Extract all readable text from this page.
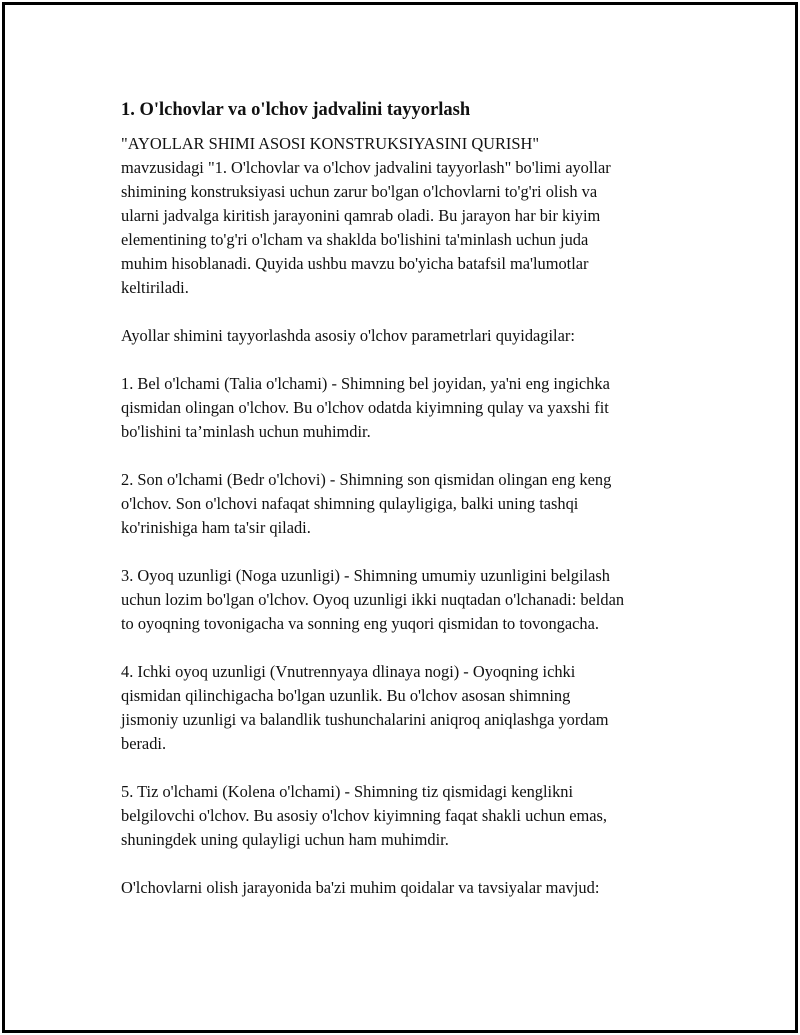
1. O'lchovlar va o'lchov jadvalini tayyorlash

"AYOLLAR SHIMI ASOSI KONSTRUKSIYASINI QURISH"
mavzusidagi "1. O'lchovlar va o'lchov jadvalini tayyorlash" bo'limi ayollar
shimining konstruksiyasi uchun zarur bo'lgan o'lchovlarni to'g'ri olish va
ularni jadvalga kiritish jarayonini qamrab oladi. Bu jarayon har bir kiyim
elementining to'g'ri o'lcham va shaklda bo'lishini ta'minlash uchun juda
muhim hisoblanadi. Quyida ushbu mavzu bo'yicha batafsil ma'lumotlar
keltiriladi.

Ayollar shimini tayyorlashda asosiy o'lchov parametrlari quyidagilar:

1. Bel o'lchami (Talia o'lchami) - Shimning bel joyidan, ya'ni eng ingichka
qismidan olingan o'lchov. Bu o'lchov odatda kiyimning qulay va yaxshi fit
bo'lishini ta’minlash uchun muhimdir.

2. Son o'lchami (Bedr o'lchovi) - Shimning son qismidan olingan eng keng
o'lchov. Son o'lchovi nafaqat shimning qulayligiga, balki uning tashqi
ko'rinishiga ham ta'sir qiladi.

3. Oyoq uzunligi (Noga uzunligi) - Shimning umumiy uzunligini belgilash
uchun lozim bo'lgan o'lchov. Oyoq uzunligi ikki nuqtadan o'lchanadi: beldan
to oyoqning tovonigacha va sonning eng yuqori qismidan to tovongacha.

4. Ichki oyoq uzunligi (Vnutrennyaya dlinaya nogi) - Oyoqning ichki
qismidan qilinchigacha bo'lgan uzunlik. Bu o'lchov asosan shimning
jismoniy uzunligi va balandlik tushunchalarini aniqroq aniqlashga yordam
beradi.

5. Tiz o'lchami (Kolena o'lchami) - Shimning tiz qismidagi kenglikni
belgilovchi o'lchov. Bu asosiy o'lchov kiyimning faqat shakli uchun emas,
shuningdek uning qulayligi uchun ham muhimdir.

O'lchovlarni olish jarayonida ba'zi muhim qoidalar va tavsiyalar mavjud:
